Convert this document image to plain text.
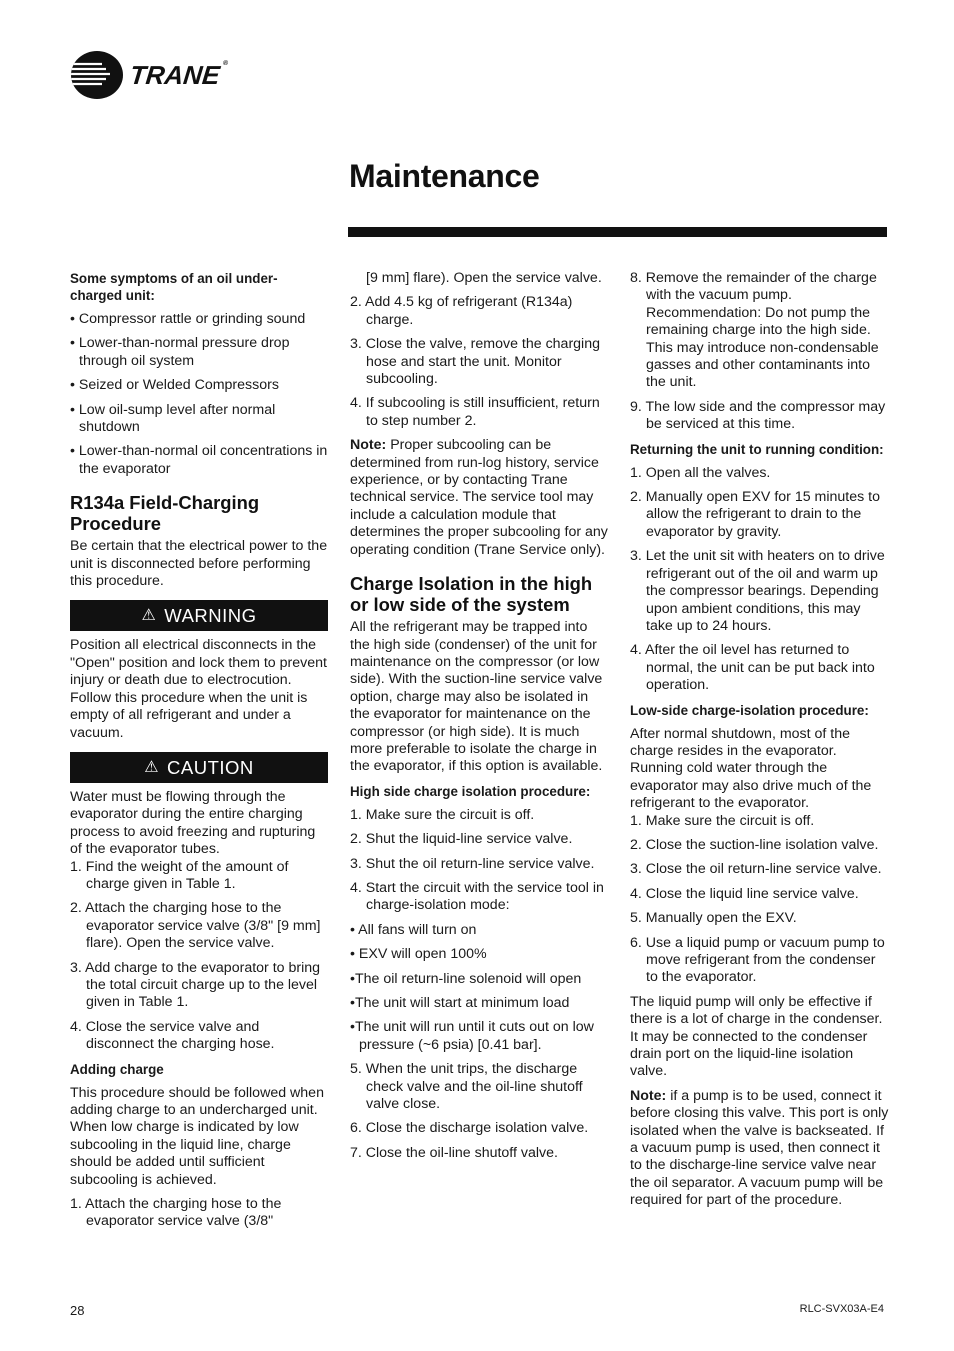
TRANE®
Maintenance

Some symptoms of an oil under-charged unit:

• Compressor rattle or grinding sound
• Lower-than-normal pressure drop through oil system
• Seized or Welded Compressors
• Low oil-sump level after normal shutdown
• Lower-than-normal oil concentrations in the evaporator
R134a Field-Charging Procedure

Be certain that the electrical power to the unit is disconnected before performing this procedure.

⚠ WARNING

Position all electrical disconnects in the "Open" position and lock them to prevent injury or death due to electrocution. Follow this procedure when the unit is empty of all refrigerant and under a vacuum.

⚠ CAUTION

Water must be flowing through the evaporator during the entire charging process to avoid freezing and rupturing of the evaporator tubes.

1. Find the weight of the amount of charge given in Table 1.
2. Attach the charging hose to the evaporator service valve (3/8" [9 mm] flare). Open the service valve.
3. Add charge to the evaporator to bring the total circuit charge up to the level given in Table 1.
4. Close the service valve and disconnect the charging hose.

Adding charge

This procedure should be followed when adding charge to an undercharged unit. When low charge is indicated by low subcooling in the liquid line, charge should be added until sufficient subcooling is achieved.

1. Attach the charging hose to the evaporator service valve (3/8"

[9 mm] flare). Open the service valve.

2. Add 4.5 kg of refrigerant (R134a) charge.
3. Close the valve, remove the charging hose and start the unit. Monitor subcooling.
4. If subcooling is still insufficient, return to step number 2.

Note: Proper subcooling can be determined from run-log history, service experience, or by contacting Trane technical service. The service tool may include a calculation module that determines the proper subcooling for any operating condition (Trane Service only).

Charge Isolation in the high or low side of the system

All the refrigerant may be trapped into the high side (condenser) of the unit for maintenance on the compressor (or low side). With the suction-line service valve option, charge may also be isolated in the evaporator for maintenance on the compressor (or high side). It is much more preferable to isolate the charge in the evaporator, if this option is available.

High side charge isolation procedure:

1. Make sure the circuit is off.
2. Shut the liquid-line service valve.
3. Shut the oil return-line service valve.
4. Start the circuit with the service tool in charge-isolation mode:
• All fans will turn on
• EXV will open 100%
•The oil return-line solenoid will open
•The unit will start at minimum load
•The unit will run until it cuts out on low pressure (~6 psia) [0.41 bar].
5. When the unit trips, the discharge check valve and the oil-line shutoff valve close.
6. Close the discharge isolation valve.
7. Close the oil-line shutoff valve.
8. Remove the remainder of the charge with the vacuum pump. Recommendation: Do not pump the remaining charge into the high side. This may introduce non-condensable gasses and other contaminants into the unit.
9. The low side and the compressor may be serviced at this time.

Returning the unit to running condition:

1. Open all the valves.
2. Manually open EXV for 15 minutes to allow the refrigerant to drain to the evaporator by gravity.
3. Let the unit sit with heaters on to drive refrigerant out of the oil and warm up the compressor bearings. Depending upon ambient conditions, this may take up to 24 hours.
4. After the oil level has returned to normal, the unit can be put back into operation.

Low-side charge-isolation procedure:

After normal shutdown, most of the charge resides in the evaporator. Running cold water through the evaporator may also drive much of the refrigerant to the evaporator.

1. Make sure the circuit is off.
2. Close the suction-line isolation valve.
3. Close the oil return-line service valve.
4. Close the liquid line service valve.
5. Manually open the EXV.
6. Use a liquid pump or vacuum pump to move refrigerant from the condenser to the evaporator.

The liquid pump will only be effective if there is a lot of charge in the condenser. It may be connected to the condenser drain port on the liquid-line isolation valve.

Note: if a pump is to be used, connect it before closing this valve. This port is only isolated when the valve is backseated. If a vacuum pump is used, then connect it to the discharge-line service valve near the oil separator. A vacuum pump will be required for part of the procedure.

28	RLC-SVX03A-E4
